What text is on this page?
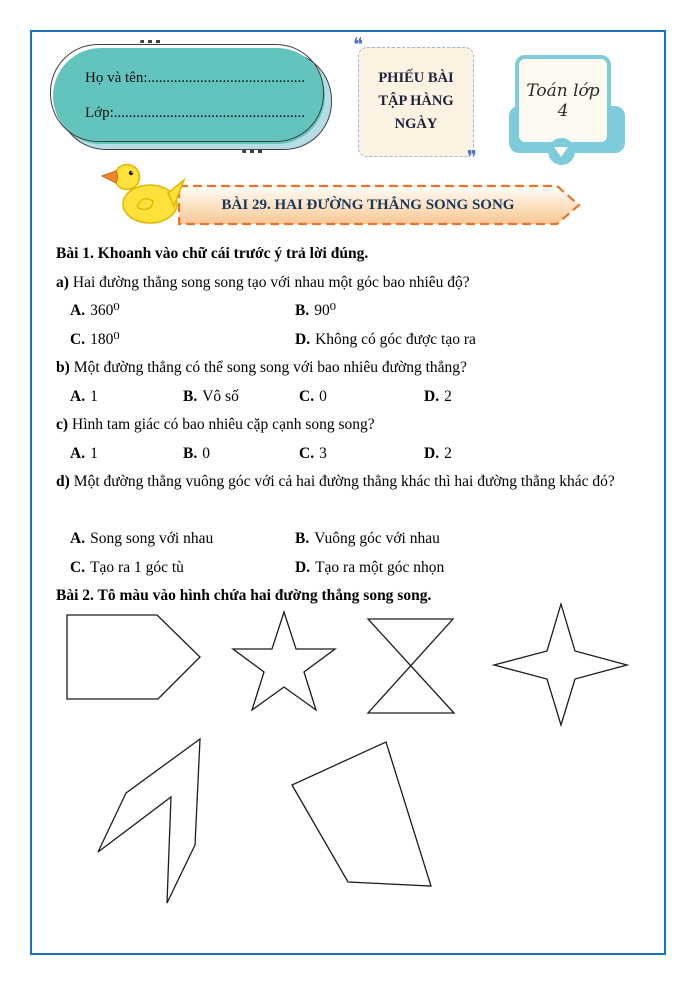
Họ và tên:..........................................
Lớp:...................................................
❝
PHIẾU BÀI TẬP HÀNG NGÀY
❞
Toán lớp 4
BÀI 29. HAI ĐƯỜNG THẲNG SONG SONG
Bài 1. Khoanh vào chữ cái trước ý trả lời đúng.
a) Hai đường thẳng song song tạo với nhau một góc bao nhiêu độ?
A. 360⁰	B. 90⁰
C. 180⁰	D. Không có góc được tạo ra
b) Một đường thẳng có thể song song với bao nhiêu đường thẳng?
A. 1	B. Vô số	C. 0	D. 2
c) Hình tam giác có bao nhiêu cặp cạnh song song?
A. 1	B. 0	C. 3	D. 2
d) Một đường thẳng vuông góc với cả hai đường thẳng khác thì hai đường thẳng khác đó?
A. Song song với nhau	B. Vuông góc với nhau
C. Tạo ra 1 góc tù	D. Tạo ra một góc nhọn
Bài 2. Tô màu vào hình chứa hai đường thẳng song song.
